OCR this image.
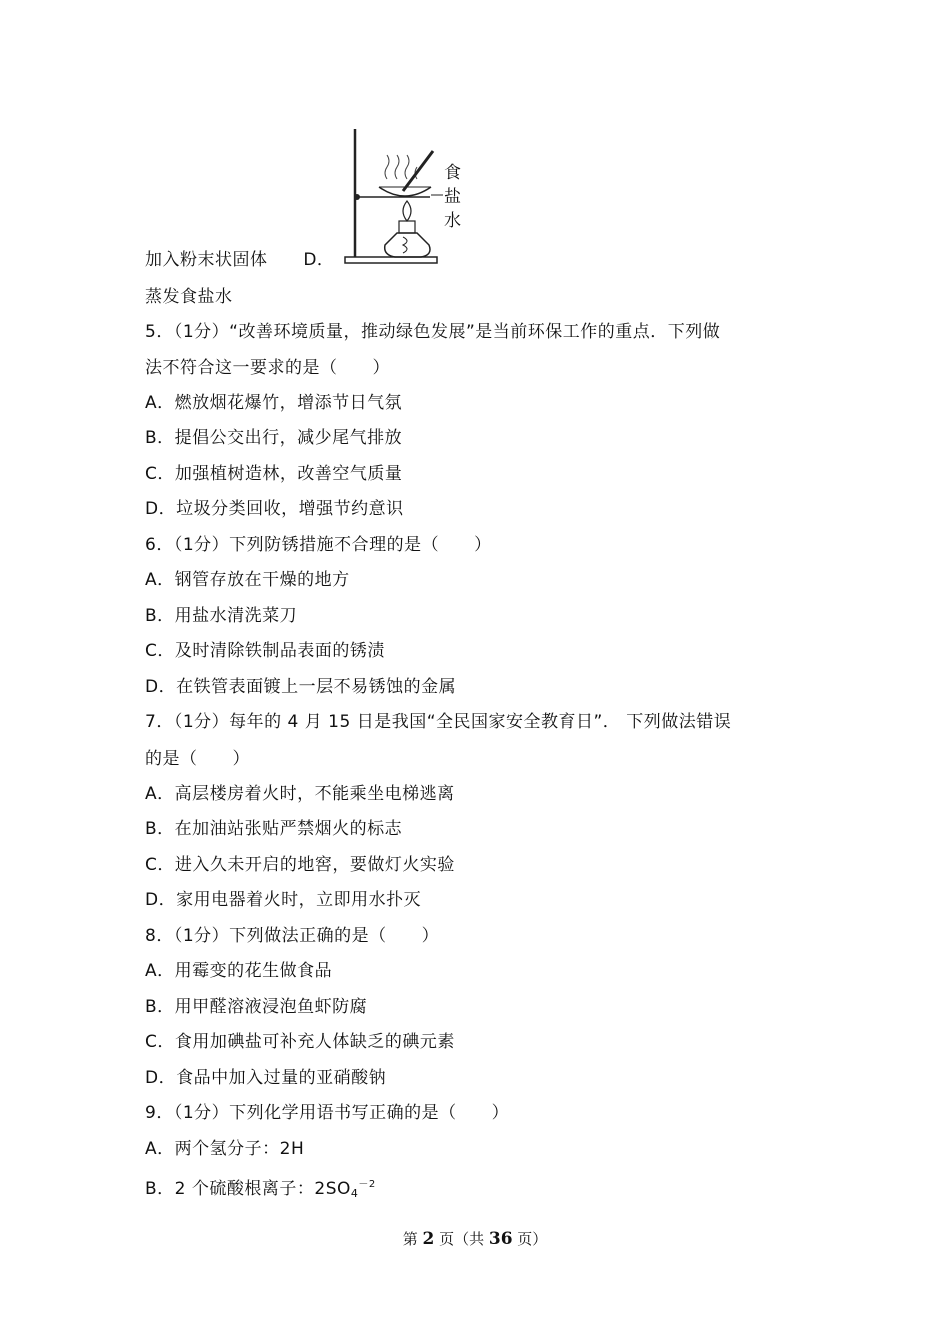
食
盐
水
加入粉末状固体 D．
蒸发食盐水
5．（1分）“改善环境质量，推动绿色发展”是当前环保工作的重点．下列做
法不符合这一要求的是（　　）
A．燃放烟花爆竹，增添节日气氛
B．提倡公交出行，减少尾气排放
C．加强植树造林，改善空气质量
D．垃圾分类回收，增强节约意识
6．（1分）下列防锈措施不合理的是（　　）
A．钢管存放在干燥的地方
B．用盐水清洗菜刀
C．及时清除铁制品表面的锈渍
D．在铁管表面镀上一层不易锈蚀的金属
7．（1分）每年的 4 月 15 日是我国“全民国家安全教育日”． 下列做法错误
的是（　　）
A．高层楼房着火时，不能乘坐电梯逃离
B．在加油站张贴严禁烟火的标志
C．进入久未开启的地窖，要做灯火实验
D．家用电器着火时，立即用水扑灭
8．（1分）下列做法正确的是（　　）
A．用霉变的花生做食品
B．用甲醛溶液浸泡鱼虾防腐
C．食用加碘盐可补充人体缺乏的碘元素
D．食品中加入过量的亚硝酸钠
9．（1分）下列化学用语书写正确的是（　　）
A．两个氢分子：2H
B．2 个硫酸根离子：$2SO_4^{-2}$
第 2 页（共 36 页）
